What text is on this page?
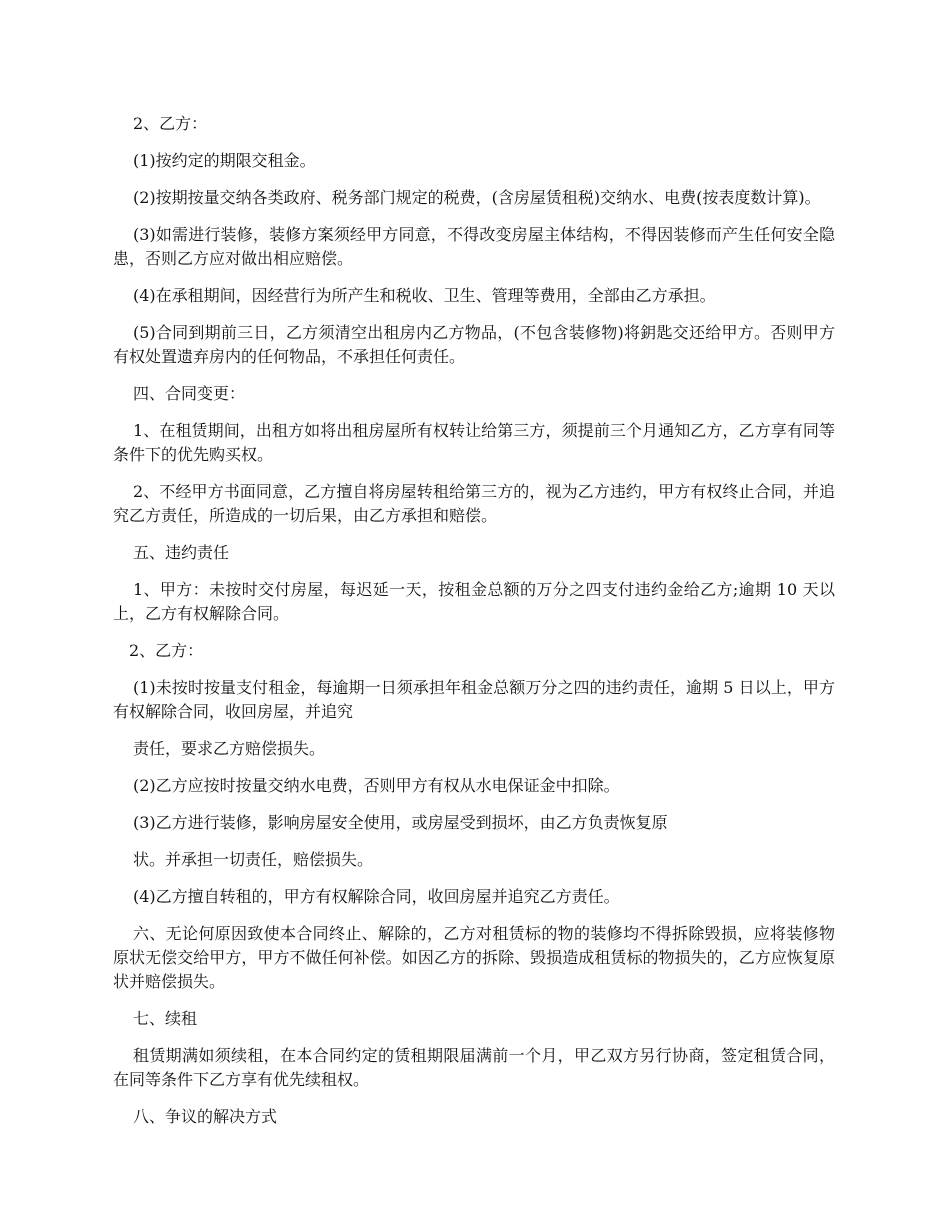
2、乙方：

(1)按约定的期限交租金。

(2)按期按量交纳各类政府、税务部门规定的税费，(含房屋赁租税)交纳水、电费(按表度数计算)。

(3)如需进行装修，装修方案须经甲方同意，不得改变房屋主体结构，不得因装修而产生任何安全隐患，否则乙方应对做出相应赔偿。

(4)在承租期间，因经营行为所产生和税收、卫生、管理等费用，全部由乙方承担。

(5)合同到期前三日，乙方须清空出租房内乙方物品，(不包含装修物)将鈅匙交还给甲方。否则甲方有权处置遗弃房内的任何物品，不承担任何责任。

四、合同变更：

1、在租赁期间，出租方如将出租房屋所有权转让给第三方，须提前三个月通知乙方，乙方享有同等条件下的优先购买权。

2、不经甲方书面同意，乙方擅自将房屋转租给第三方的，视为乙方违约，甲方有权终止合同，并追究乙方责任，所造成的一切后果，由乙方承担和赔偿。

五、违约责任

1、甲方：未按时交付房屋，每迟延一天，按租金总额的万分之四支付违约金给乙方;逾期 10 天以上，乙方有权解除合同。

2、乙方：

(1)未按时按量支付租金，每逾期一日须承担年租金总额万分之四的违约责任，逾期 5 日以上，甲方有权解除合同，收回房屋，并追究

责任，要求乙方赔偿损失。

(2)乙方应按时按量交纳水电费，否则甲方有权从水电保证金中扣除。

(3)乙方进行装修，影响房屋安全使用，或房屋受到损坏，由乙方负责恢复原

状。并承担一切责任，赔偿损失。

(4)乙方擅自转租的，甲方有权解除合同，收回房屋并追究乙方责任。

六、无论何原因致使本合同终止、解除的，乙方对租赁标的物的装修均不得拆除毁损，应将装修物原状无偿交给甲方，甲方不做任何补偿。如因乙方的拆除、毁损造成租赁标的物损失的，乙方应恢复原状并赔偿损失。

七、续租

租赁期满如须续租，在本合同约定的赁租期限届满前一个月，甲乙双方另行协商，签定租赁合同，在同等条件下乙方享有优先续租权。

八、争议的解决方式
